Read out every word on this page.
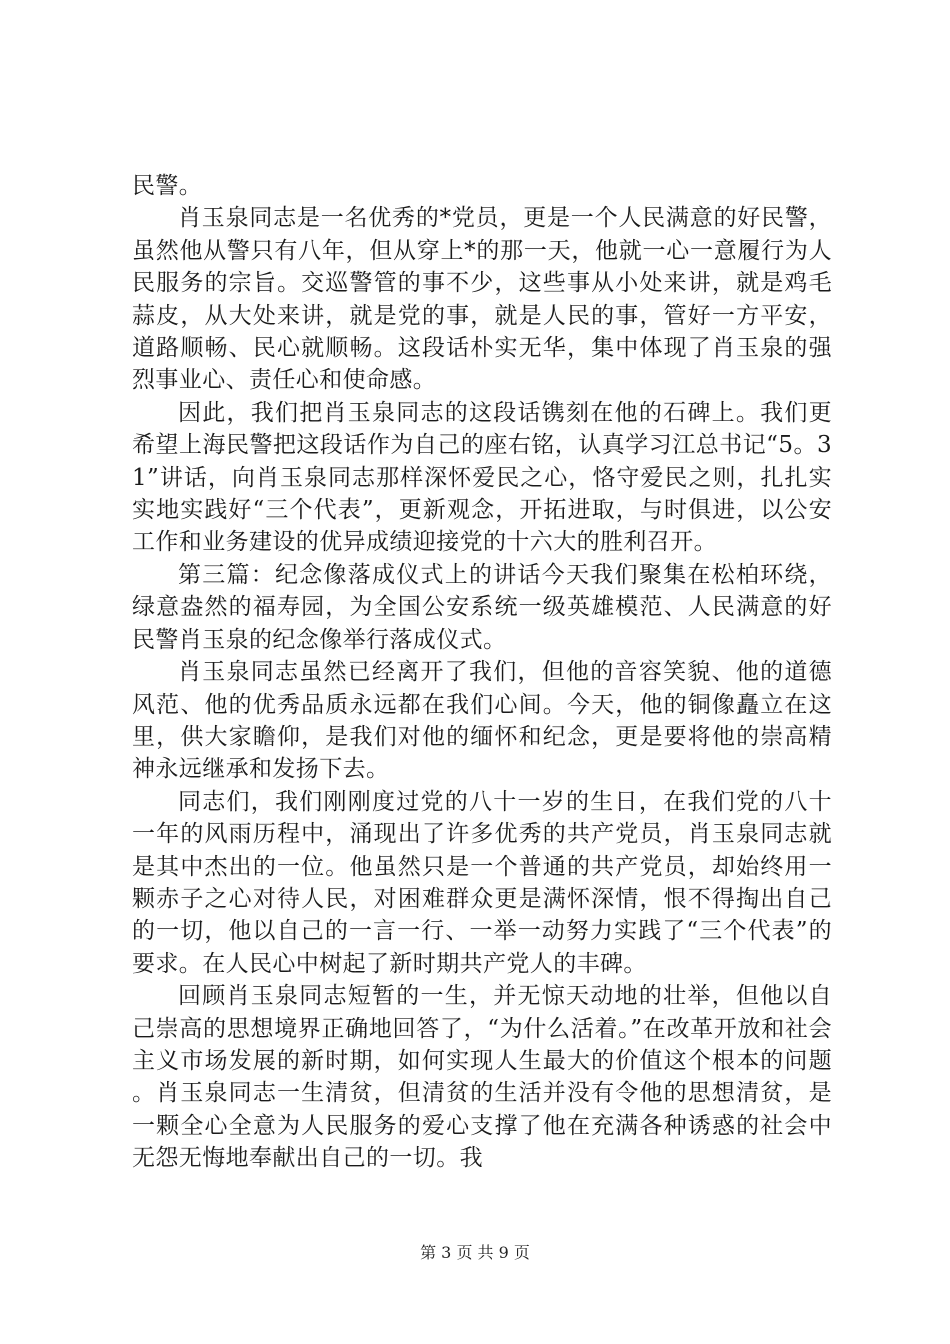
民警。

肖玉泉同志是一名优秀的*党员，更是一个人民满意的好民警，虽然他从警只有八年，但从穿上*的那一天，他就一心一意履行为人民服务的宗旨。交巡警管的事不少，这些事从小处来讲，就是鸡毛蒜皮，从大处来讲，就是党的事，就是人民的事，管好一方平安，道路顺畅、民心就顺畅。这段话朴实无华，集中体现了肖玉泉的强烈事业心、责任心和使命感。

因此，我们把肖玉泉同志的这段话镌刻在他的石碑上。我们更希望上海民警把这段话作为自己的座右铭，认真学习江总书记“5。31”讲话，向肖玉泉同志那样深怀爱民之心，恪守爱民之则，扎扎实实地实践好“三个代表”，更新观念，开拓进取，与时俱进，以公安工作和业务建设的优异成绩迎接党的十六大的胜利召开。

第三篇：纪念像落成仪式上的讲话今天我们聚集在松柏环绕，绿意盎然的福寿园，为全国公安系统一级英雄模范、人民满意的好民警肖玉泉的纪念像举行落成仪式。

肖玉泉同志虽然已经离开了我们，但他的音容笑貌、他的道德风范、他的优秀品质永远都在我们心间。今天，他的铜像矗立在这里，供大家瞻仰，是我们对他的缅怀和纪念，更是要将他的崇高精神永远继承和发扬下去。

同志们，我们刚刚度过党的八十一岁的生日，在我们党的八十一年的风雨历程中，涌现出了许多优秀的共产党员，肖玉泉同志就是其中杰出的一位。他虽然只是一个普通的共产党员，却始终用一颗赤子之心对待人民，对困难群众更是满怀深情，恨不得掏出自己的一切，他以自己的一言一行、一举一动努力实践了“三个代表”的要求。在人民心中树起了新时期共产党人的丰碑。

回顾肖玉泉同志短暂的一生，并无惊天动地的壮举，但他以自己崇高的思想境界正确地回答了，“为什么活着。”在改革开放和社会主义市场发展的新时期，如何实现人生最大的价值这个根本的问题。肖玉泉同志一生清贫，但清贫的生活并没有令他的思想清贫，是一颗全心全意为人民服务的爱心支撑了他在充满各种诱惑的社会中无怨无悔地奉献出自己的一切。我

第 3 页 共 9 页
